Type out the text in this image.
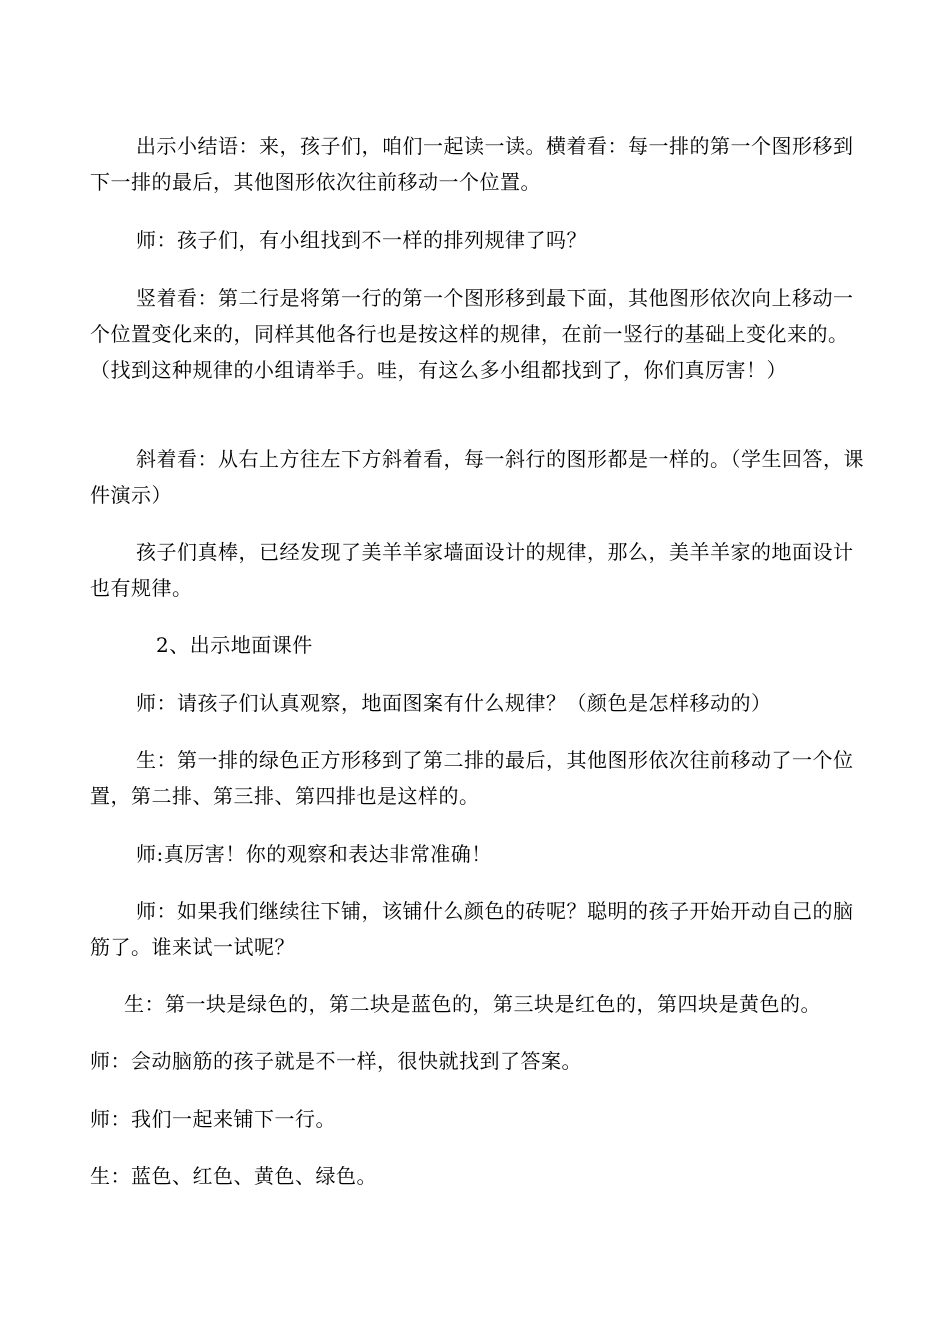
出示小结语：来，孩子们，咱们一起读一读。横着看：每一排的第一个图形移到下一排的最后，其他图形依次往前移动一个位置。

师：孩子们，有小组找到不一样的排列规律了吗？

竖着看：第二行是将第一行的第一个图形移到最下面，其他图形依次向上移动一个位置变化来的，同样其他各行也是按这样的规律，在前一竖行的基础上变化来的。（找到这种规律的小组请举手。哇，有这么多小组都找到了，你们真厉害！）

斜着看：从右上方往左下方斜着看，每一斜行的图形都是一样的。（学生回答，课件演示）

孩子们真棒，已经发现了美羊羊家墙面设计的规律，那么，美羊羊家的地面设计也有规律。

2、出示地面课件

师：请孩子们认真观察，地面图案有什么规律？（颜色是怎样移动的）

生：第一排的绿色正方形移到了第二排的最后，其他图形依次往前移动了一个位置，第二排、第三排、第四排也是这样的。

师:真厉害！你的观察和表达非常准确！

师：如果我们继续往下铺，该铺什么颜色的砖呢？聪明的孩子开始开动自己的脑筋了。谁来试一试呢？

生：第一块是绿色的，第二块是蓝色的，第三块是红色的，第四块是黄色的。

师：会动脑筋的孩子就是不一样，很快就找到了答案。

师：我们一起来铺下一行。

生：蓝色、红色、黄色、绿色。
